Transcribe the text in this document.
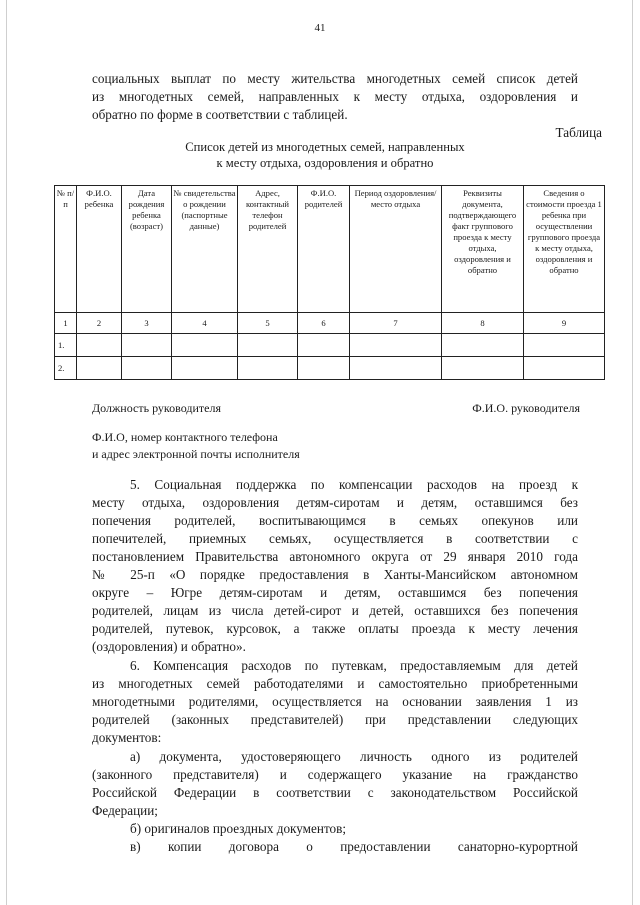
41
социальных выплат по месту жительства многодетных семей список детей
из многодетных семей, направленных к месту отдыха, оздоровления и
обратно по форме в соответствии с таблицей.
Таблица
Список детей из многодетных семей, направленных
к месту отдыха, оздоровления и обратно
№ п/п	Ф.И.О. ребенка	Дата рождения ребенка (возраст)	№ свидетельства о рождении (паспортные данные)	Адрес, контактный телефон родителей	Ф.И.О. родителей	Период оздоровления/место отдыха	Реквизиты документа, подтверждающего факт группового проезда к месту отдыха, оздоровления и обратно	Сведения о стоимости проезда 1 ребенка при осуществлении группового проезда к месту отдыха, оздоровления и обратно
1	2	3	4	5	6	7	8	9
1.								
2.								
Должность руководителя	Ф.И.О. руководителя
Ф.И.О, номер контактного телефона
и адрес электронной почты исполнителя
5. Социальная поддержка по компенсации расходов на проезд к
месту отдыха, оздоровления детям-сиротам и детям, оставшимся без
попечения родителей, воспитывающимся в семьях опекунов или
попечителей, приемных семьях, осуществляется в соответствии с
постановлением Правительства автономного округа от 29 января 2010 года
№ 25-п «О порядке предоставления в Ханты-Мансийском автономном
округе – Югре детям-сиротам и детям, оставшимся без попечения
родителей, лицам из числа детей-сирот и детей, оставшихся без попечения
родителей, путевок, курсовок, а также оплаты проезда к месту лечения
(оздоровления) и обратно».
6. Компенсация расходов по путевкам, предоставляемым для детей
из многодетных семей работодателями и самостоятельно приобретенными
многодетными родителями, осуществляется на основании заявления 1 из
родителей (законных представителей) при представлении следующих
документов:
а) документа, удостоверяющего личность одного из родителей
(законного представителя) и содержащего указание на гражданство
Российской Федерации в соответствии с законодательством Российской
Федерации;
б) оригиналов проездных документов;
в) копии договора о предоставлении санаторно-курортной
